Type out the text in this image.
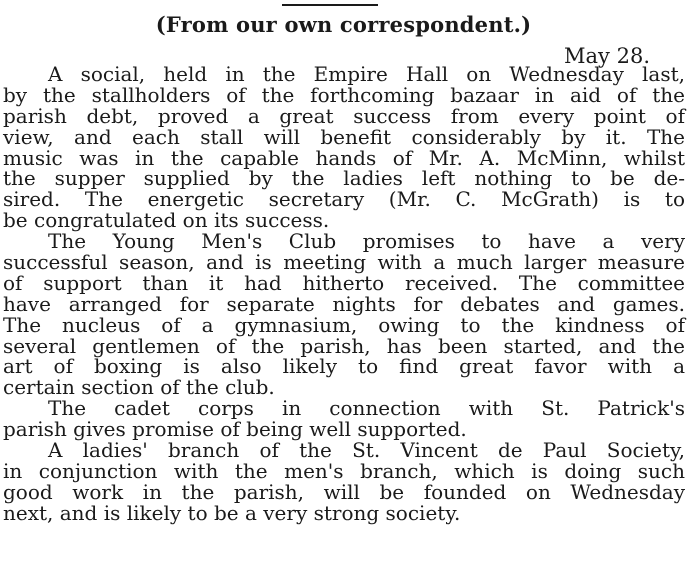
(From our own correspondent.)
May 28.
A social, held in the Empire Hall on Wednesday last,
by the stallholders of the forthcoming bazaar in aid of the
parish debt, proved a great success from every point of
view, and each stall will benefit considerably by it. The
music was in the capable hands of Mr. A. McMinn, whilst
the supper supplied by the ladies left nothing to be de-
sired. The energetic secretary (Mr. C. McGrath) is to
be congratulated on its success.
The Young Men's Club promises to have a very
successful season, and is meeting with a much larger measure
of support than it had hitherto received. The committee
have arranged for separate nights for debates and games.
The nucleus of a gymnasium, owing to the kindness of
several gentlemen of the parish, has been started, and the
art of boxing is also likely to find great favor with a
certain section of the club.
The cadet corps in connection with St. Patrick's
parish gives promise of being well supported.
A ladies' branch of the St. Vincent de Paul Society,
in conjunction with the men's branch, which is doing such
good work in the parish, will be founded on Wednesday
next, and is likely to be a very strong society.
